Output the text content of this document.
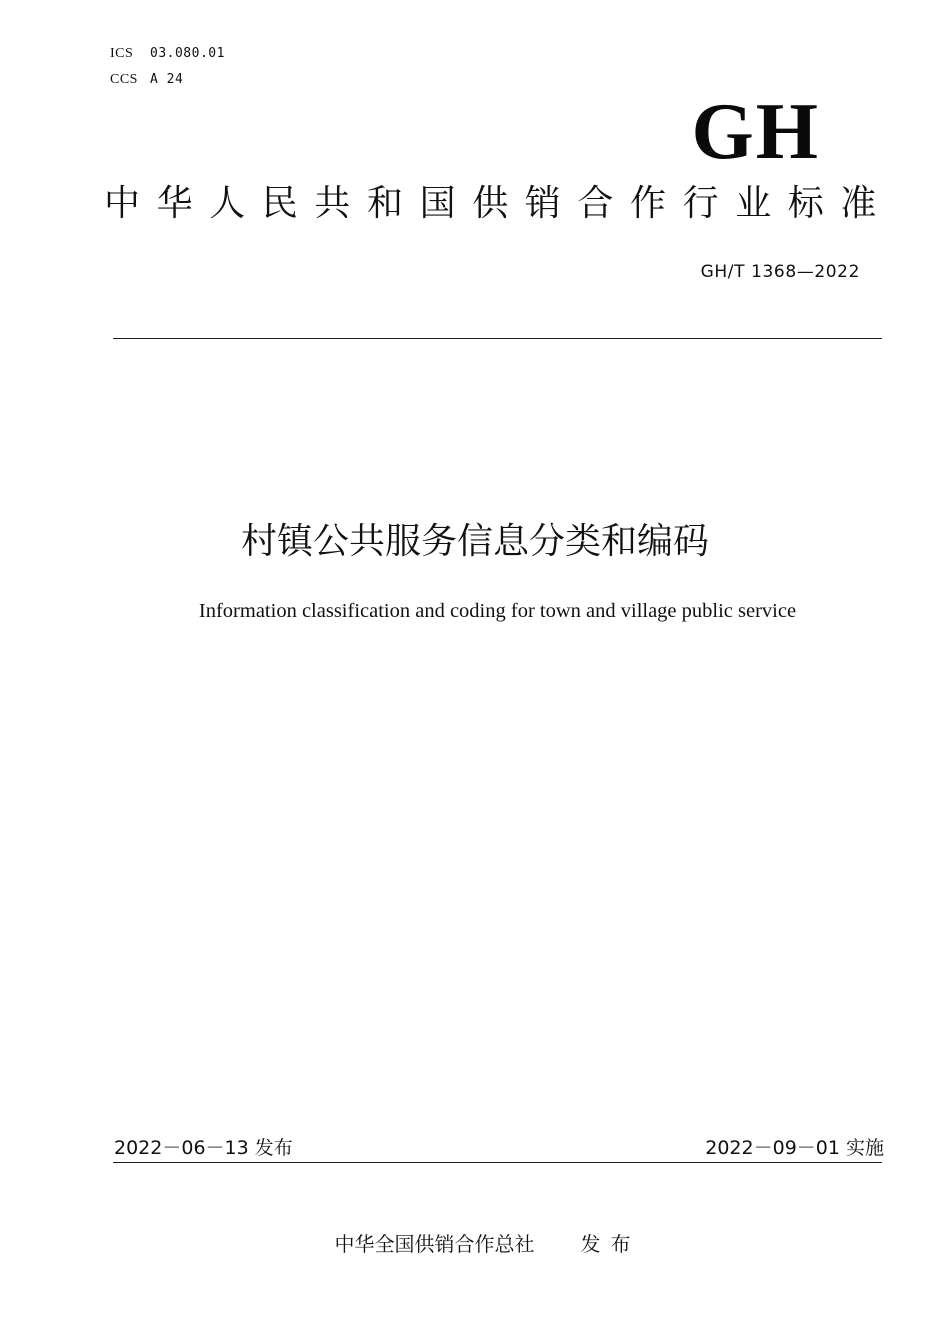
ICS 03.080.01
CCS A 24
GH
中华人民共和国供销合作行业标准
GH/T 1368—2022
村镇公共服务信息分类和编码
Information classification and coding for town and village public service
2022－06－13 发布	2022－09－01 实施
中华全国供销合作总社 发布
